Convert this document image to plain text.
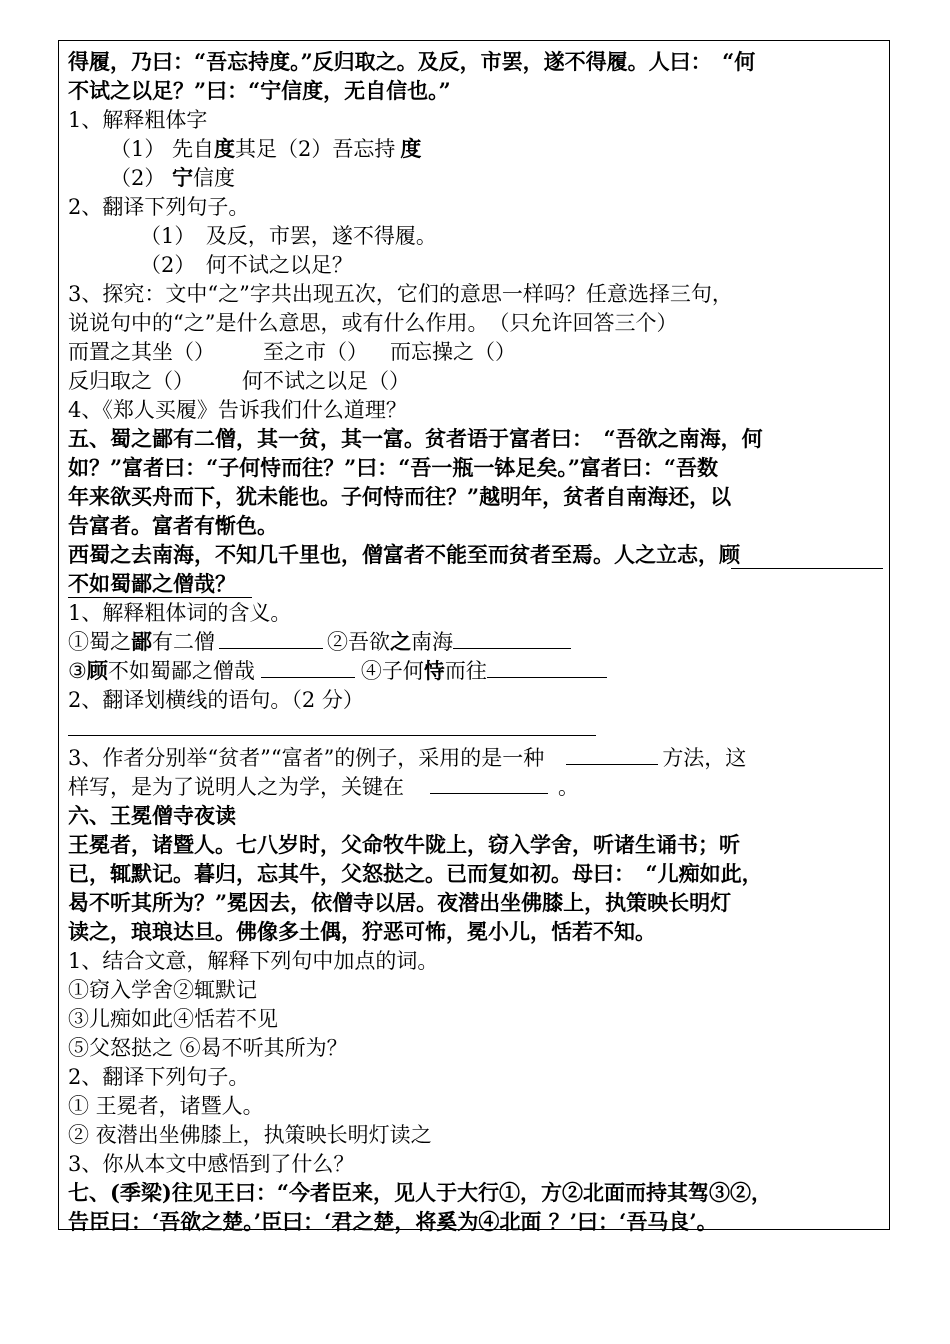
得履，乃曰：“吾忘持度。”反归取之。及反，市罢，遂不得履。人曰：　“何
不试之以足？”曰：“宁信度，无自信也。”
1、解释粗体字
（1） 先自度其足（2）吾忘持 度
（2） 宁信度
2、翻译下列句子。
（1）　及反，市罢，遂不得履。
（2）　何不试之以足？
3、探究：文中“之”字共出现五次，它们的意思一样吗？任意选择三句，
说说句中的“之”是什么意思，或有什么作用。　（只允许回答三个）
而置之其坐（） 至之市（） 而忘操之（）
反归取之（） 何不试之以足（）
4、《郑人买履》告诉我们什么道理？
五、蜀之鄙有二僧，其一贫，其一富。贫者语于富者曰：　“吾欲之南海，何
如？”富者曰：“子何恃而往？”曰：“吾一瓶一钵足矣。”富者曰：“吾数
年来欲买舟而下，犹未能也。子何恃而往？”越明年，贫者自南海还，以
告富者。富者有惭色。
西蜀之去南海，不知几千里也，僧富者不能至而贫者至焉。人之立志，顾
不如蜀鄙之僧哉？
1、解释粗体词的含义。
①蜀之鄙有二僧	②吾欲之南海
③顾不如蜀鄙之僧哉	④子何恃而往
2、翻译划横线的语句。（2 分）
3、作者分别举“贫者”“富者”的例子，采用的是一种	方法，这
样写，是为了说明人之为学，关键在	。
六、王冕僧寺夜读
王冕者，诸暨人。七八岁时，父命牧牛陇上，窃入学舍，听诸生诵书；听
已，辄默记。暮归，忘其牛，父怒挞之。已而复如初。母曰：　“儿痴如此，
曷不听其所为？”冕因去，依僧寺以居。夜潜出坐佛膝上，执策映长明灯
读之，琅琅达旦。佛像多土偶，狞恶可怖，冕小儿，恬若不知。
1、结合文意，解释下列句中加点的词。
①窃入学舍②辄默记
③儿痴如此④恬若不见
⑤父怒挞之 ⑥曷不听其所为？
2、翻译下列句子。
① 王冕者，诸暨人。
② 夜潜出坐佛膝上，执策映长明灯读之
3、你从本文中感悟到了什么？
七、(季梁)往见王曰：“今者臣来，见人于大行①，方②北面而持其驾③②，
告臣曰：‘吾欲之楚。’臣曰：‘君之楚，将奚为④北面 ？’曰：‘吾马良’。
